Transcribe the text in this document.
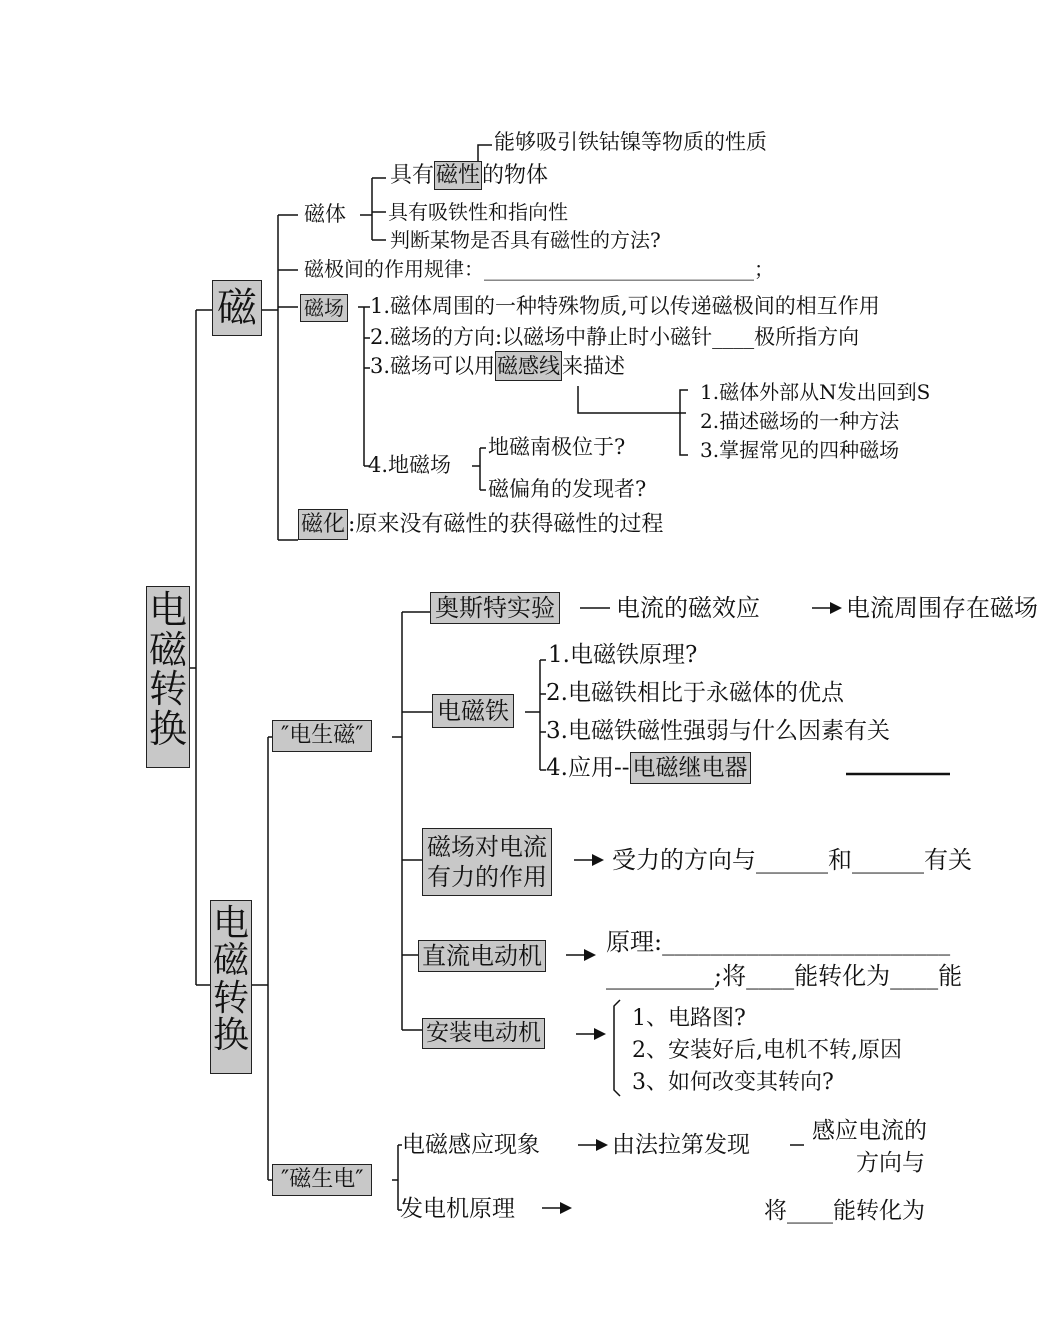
电
磁
转
换
磁
磁体
具有磁性的物体
能够吸引铁钴镍等物质的性质
具有吸铁性和指向性
判断某物是否具有磁性的方法?
磁极间的作用规律：___________________________；
磁场 1.磁体周围的一种特殊物质,可以传递磁极间的相互作用
2.磁场的方向:以磁场中静止时小磁针____极所指方向
3.磁场可以用磁感线来描述
1.磁体外部从N发出回到S
2.描述磁场的一种方法
3.掌握常见的四种磁场
4.地磁场
地磁南极位于?
磁偏角的发现者?
磁化 :原来没有磁性的获得磁性的过程
电
磁
转
换
″电生磁″
奥斯特实验	电流的磁效应	电流周围存在磁场
电磁铁
1.电磁铁原理?
2.电磁铁相比于永磁体的优点
3.电磁铁磁性强弱与什么因素有关
4.应用-- 电磁继电器
磁场对电流
有力的作用
受力的方向与______和______有关
直流电动机	原理:________________________
_________;将____能转化为____能
安装电动机
1、电路图?
2、安装好后,电机不转,原因
3、如何改变其转向?
″磁生电″
电磁感应现象	由法拉第发现
感应电流的
方向与
发电机原理	将____能转化为
